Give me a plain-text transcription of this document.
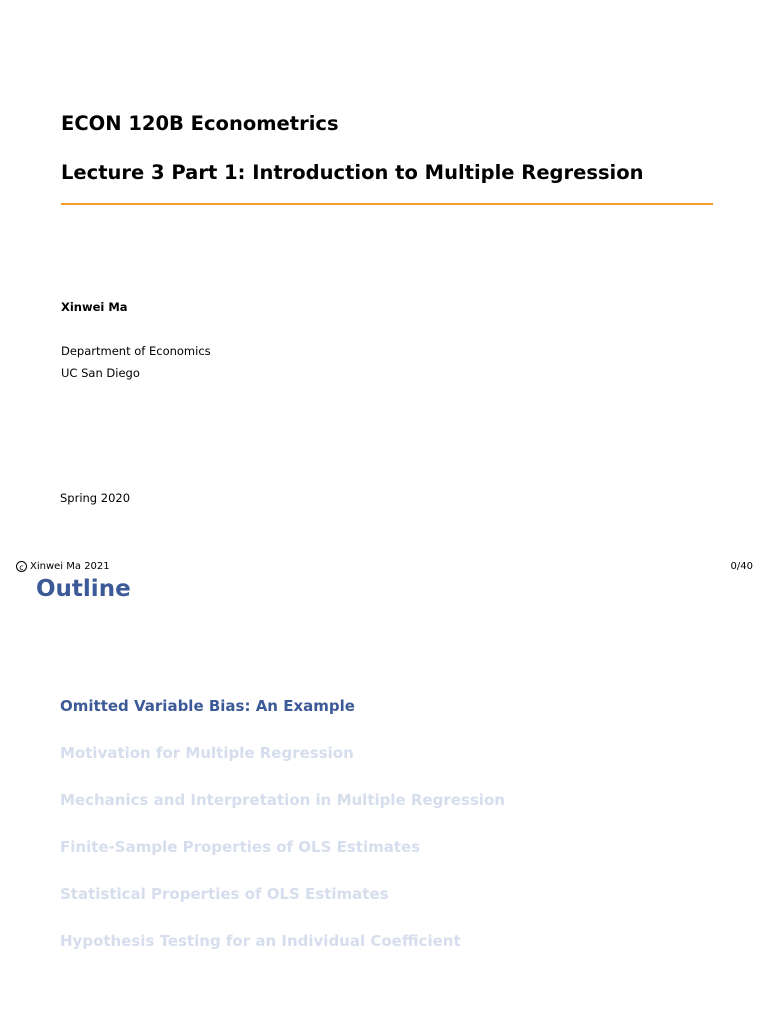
ECON 120B Econometrics
Lecture 3 Part 1: Introduction to Multiple Regression
Xinwei Ma
Department of Economics
UC San Diego
Spring 2020
c Xinwei Ma 2021	0/40
Outline
Omitted Variable Bias: An Example
Motivation for Multiple Regression
Mechanics and Interpretation in Multiple Regression
Finite-Sample Properties of OLS Estimates
Statistical Properties of OLS Estimates
Hypothesis Testing for an Individual Coefficient
